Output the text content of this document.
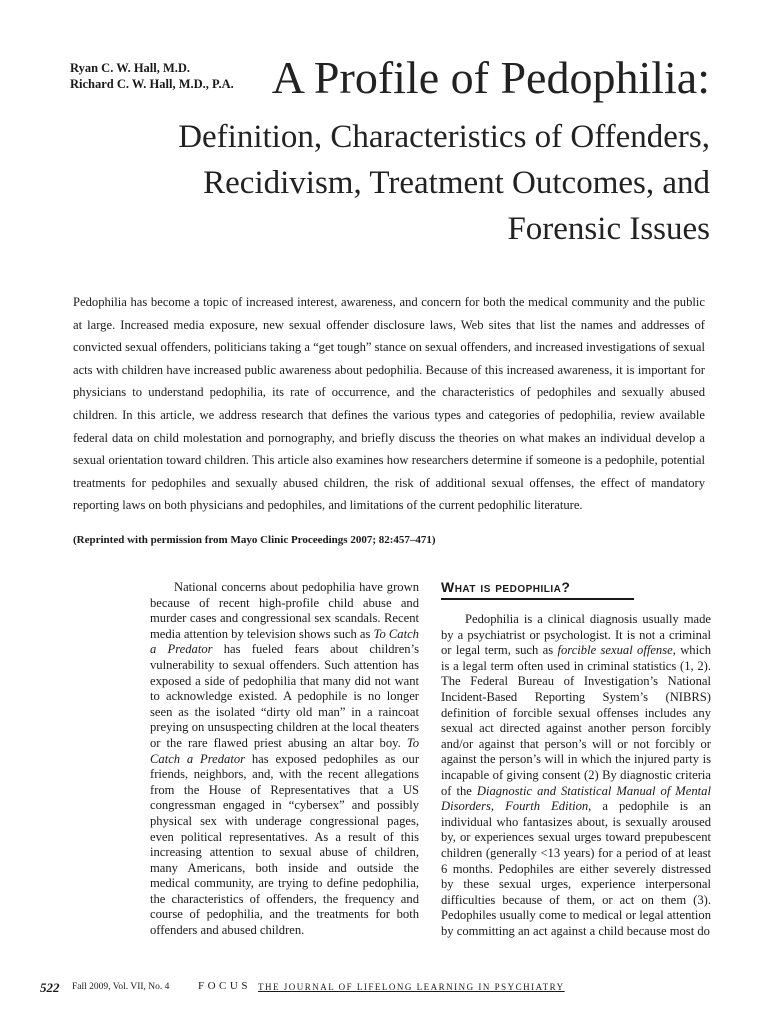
Ryan C. W. Hall, M.D.
Richard C. W. Hall, M.D., P.A. A Profile of Pedophilia:
Definition, Characteristics of Offenders,
Recidivism, Treatment Outcomes, and
Forensic Issues
Pedophilia has become a topic of increased interest, awareness, and concern for both the medical community and the public at large. Increased media exposure, new sexual offender disclosure laws, Web sites that list the names and addresses of convicted sexual offenders, politicians taking a “get tough” stance on sexual offenders, and increased investigations of sexual acts with children have increased public awareness about pedophilia. Because of this increased awareness, it is important for physicians to understand pedophilia, its rate of occurrence, and the characteristics of pedophiles and sexually abused children. In this article, we address research that defines the various types and categories of pedophilia, review available federal data on child molestation and pornography, and briefly discuss the theories on what makes an individual develop a sexual orientation toward children. This article also examines how researchers determine if someone is a pedophile, potential treatments for pedophiles and sexually abused children, the risk of additional sexual offenses, the effect of mandatory reporting laws on both physicians and pedophiles, and limitations of the current pedophilic literature.
(Reprinted with permission from Mayo Clinic Proceedings 2007; 82:457–471)
National concerns about pedophilia have grown because of recent high-profile child abuse and murder cases and congressional sex scandals. Recent media attention by television shows such as To Catch a Predator has fueled fears about children’s vulnerability to sexual offenders. Such attention has exposed a side of pedophilia that many did not want to acknowledge existed. A pedophile is no longer seen as the isolated “dirty old man” in a raincoat preying on unsuspecting children at the local theaters or the rare flawed priest abusing an altar boy. To Catch a Predator has exposed pedophiles as our friends, neighbors, and, with the recent allegations from the House of Representatives that a US congressman engaged in “cybersex” and possibly physical sex with underage congressional pages, even political representatives. As a result of this increasing attention to sexual abuse of children, many Americans, both inside and outside the medical community, are trying to define pedophilia, the characteristics of offenders, the frequency and course of pedophilia, and the treatments for both offenders and abused children.
What is pedophilia?
Pedophilia is a clinical diagnosis usually made by a psychiatrist or psychologist. It is not a criminal or legal term, such as forcible sexual offense, which is a legal term often used in criminal statistics (1, 2). The Federal Bureau of Investigation’s National Incident-Based Reporting System’s (NIBRS) definition of forcible sexual offenses includes any sexual act directed against another person forcibly and/or against that person’s will or not forcibly or against the person’s will in which the injured party is incapable of giving consent (2) By diagnostic criteria of the Diagnostic and Statistical Manual of Mental Disorders, Fourth Edition, a pedophile is an individual who fantasizes about, is sexually aroused by, or experiences sexual urges toward prepubescent children (generally <13 years) for a period of at least 6 months. Pedophiles are either severely distressed by these sexual urges, experience interpersonal difficulties because of them, or act on them (3). Pedophiles usually come to medical or legal attention by committing an act against a child because most do
522 Fall 2009, Vol. VII, No. 4	FOCUS THE JOURNAL OF LIFELONG LEARNING IN PSYCHIATRY
